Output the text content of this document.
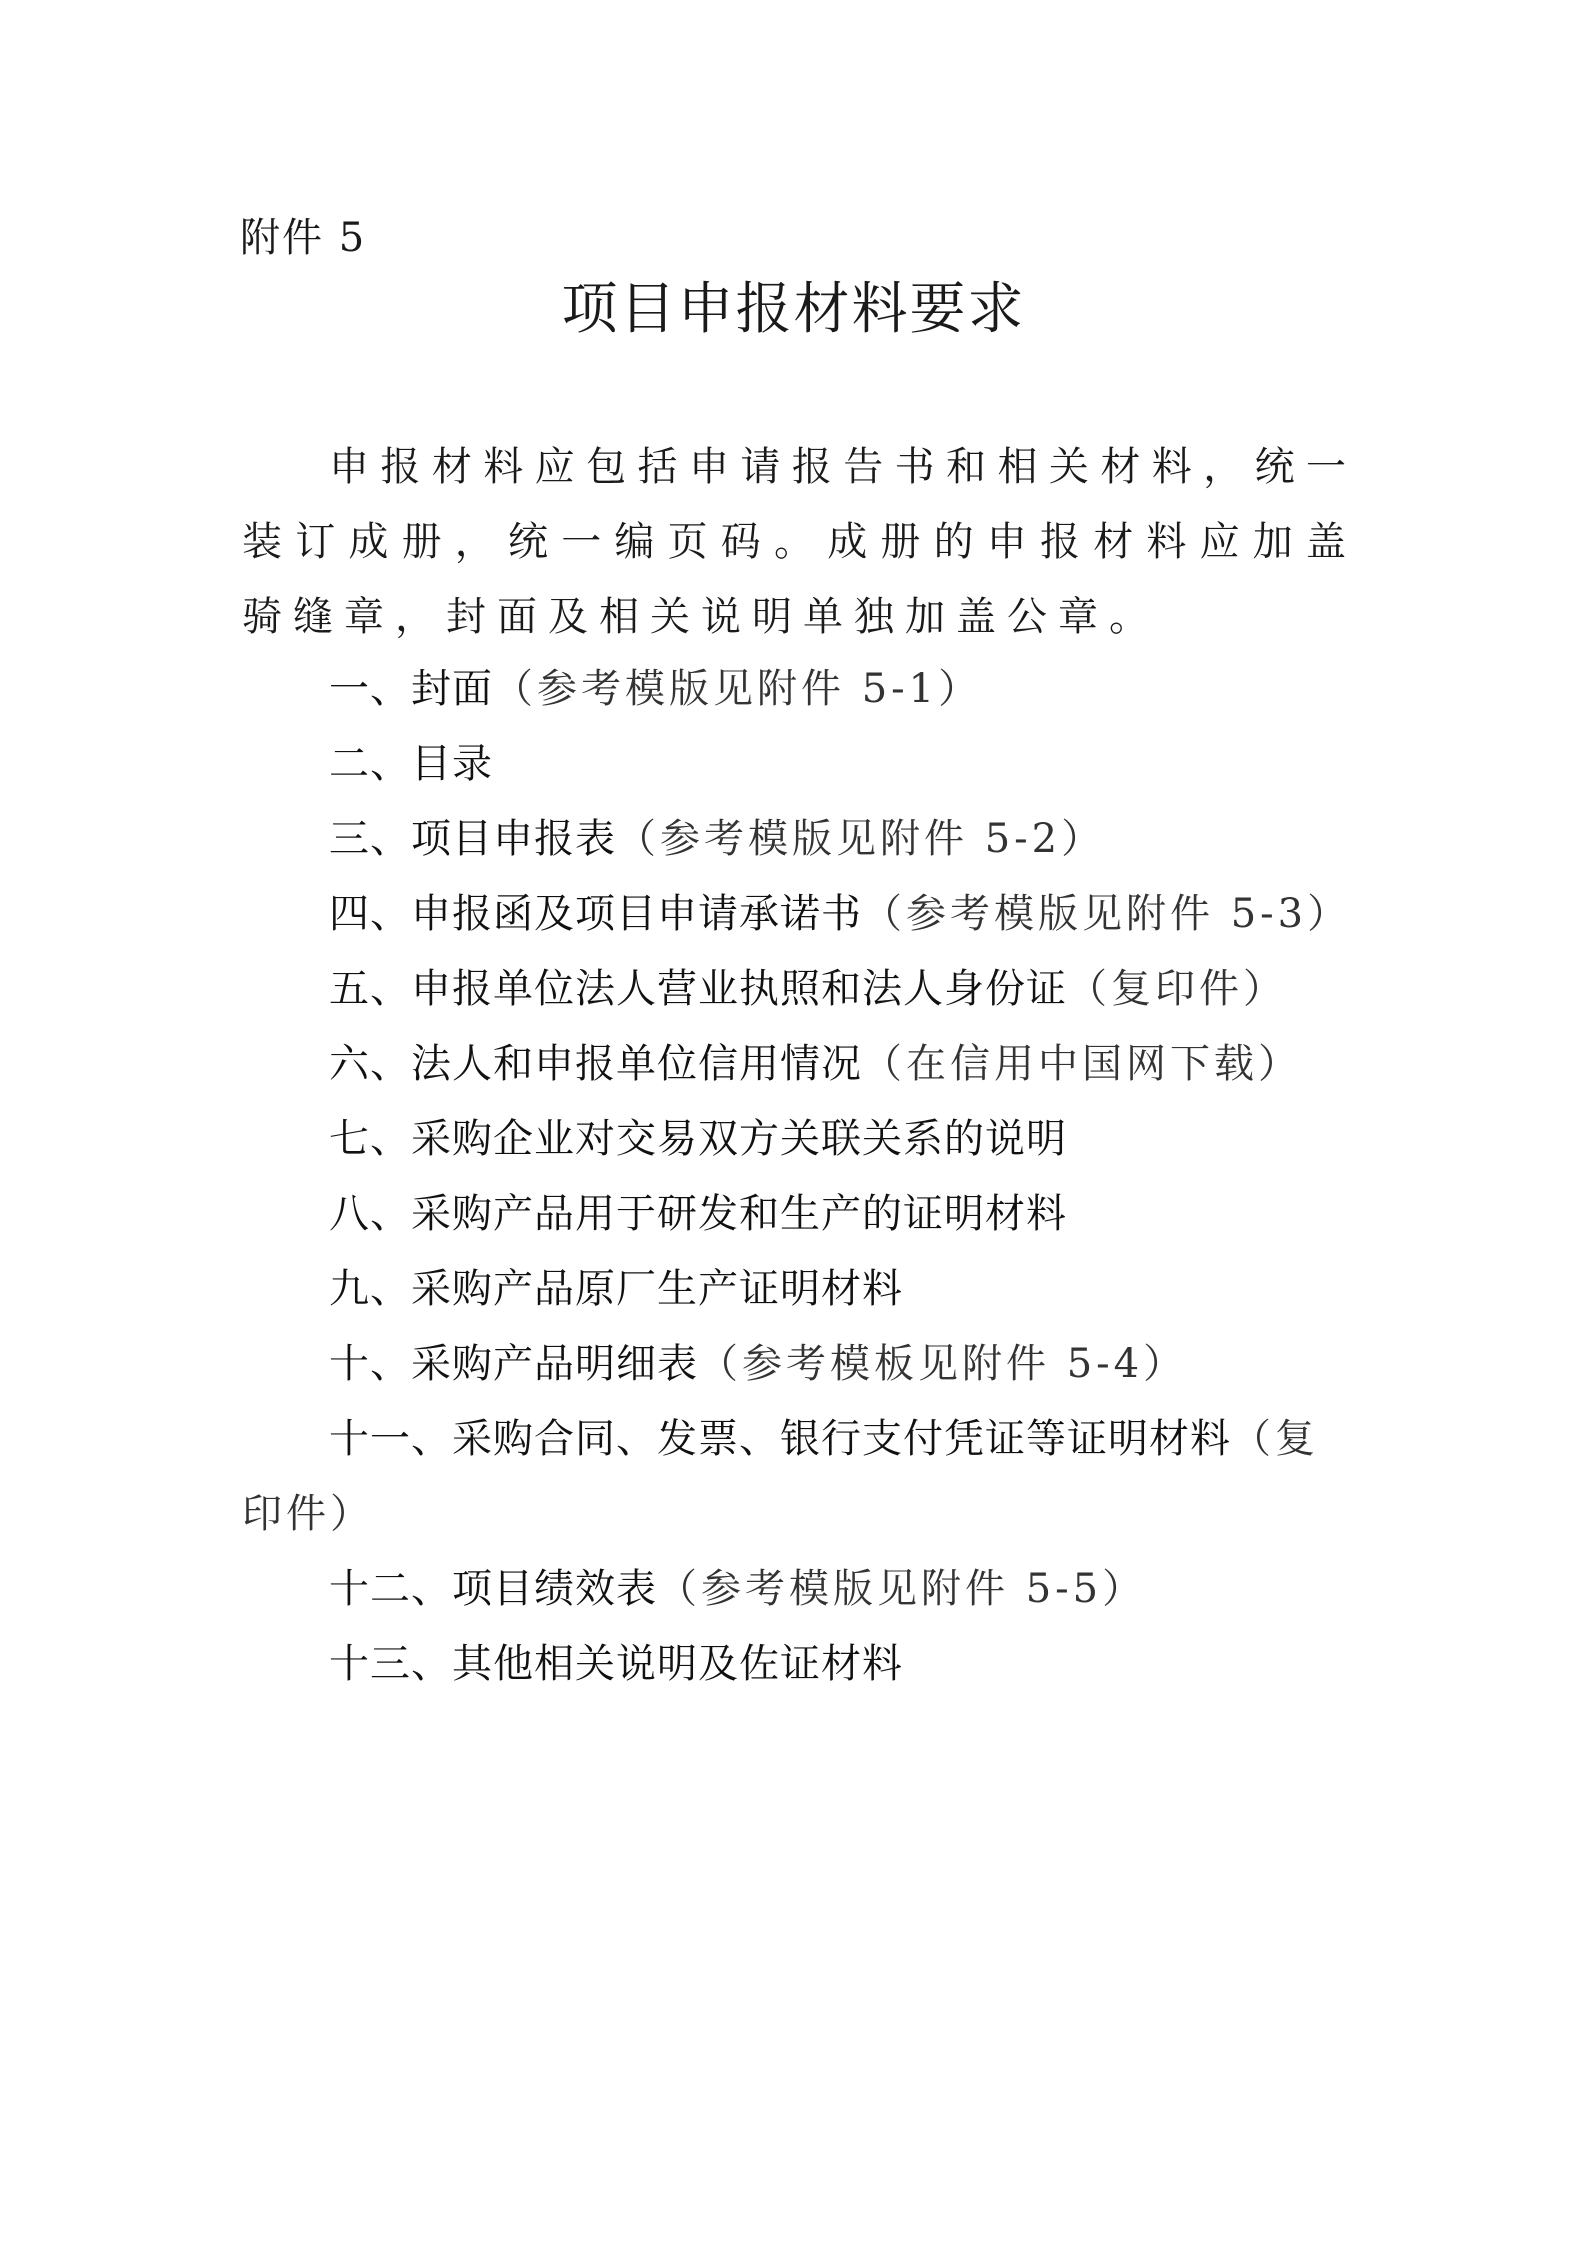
附件 5
项目申报材料要求

申报材料应包括申请报告书和相关材料，统一装订成册，统一编页码。成册的申报材料应加盖骑缝章，封面及相关说明单独加盖公章。

一、封面（参考模版见附件 5-1）
二、目录
三、项目申报表（参考模版见附件 5-2）
四、申报函及项目申请承诺书（参考模版见附件 5-3）
五、申报单位法人营业执照和法人身份证（复印件）
六、法人和申报单位信用情况（在信用中国网下载）
七、采购企业对交易双方关联关系的说明
八、采购产品用于研发和生产的证明材料
九、采购产品原厂生产证明材料
十、采购产品明细表（参考模板见附件 5-4）
十一、采购合同、发票、银行支付凭证等证明材料（复印件）
十二、项目绩效表（参考模版见附件 5-5）
十三、其他相关说明及佐证材料
